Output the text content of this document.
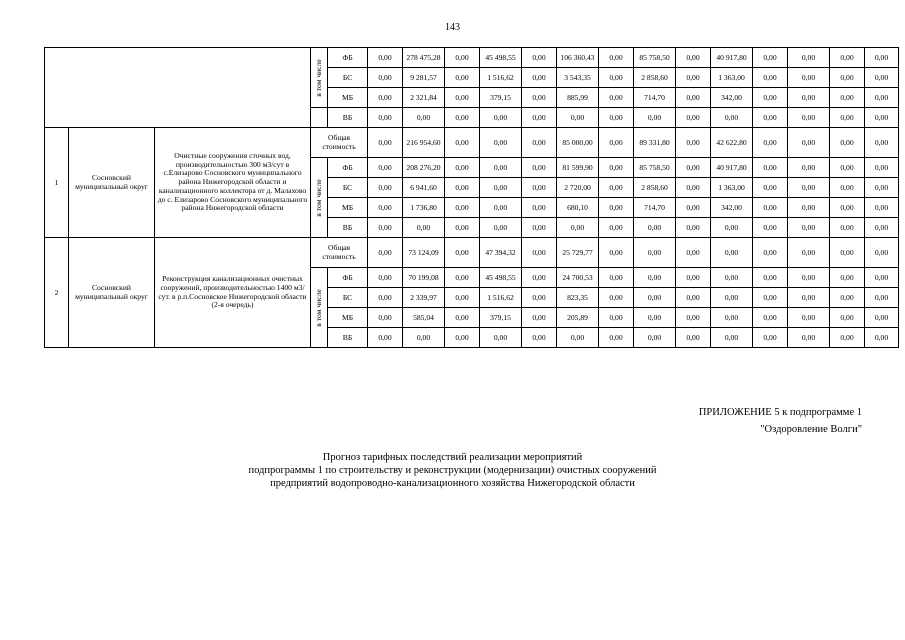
143

			в том числе	ФБ	0,00	278 475,28	0,00	45 498,55	0,00	106 360,43	0,00	85 758,50	0,00	40 917,80	0,00	0,00	0,00	0,00
				БС	0,00	9 281,57	0,00	1 516,62	0,00	3 543,35	0,00	2 858,60	0,00	1 363,00	0,00	0,00	0,00	0,00
				МБ	0,00	2 321,84	0,00	379,15	0,00	885,99	0,00	714,70	0,00	342,00	0,00	0,00	0,00	0,00
				ВБ	0,00	0,00	0,00	0,00	0,00	0,00	0,00	0,00	0,00	0,00	0,00	0,00	0,00	0,00
1	Сосновский муниципальный округ	Очистные сооружения сточных вод, производительностью 300 м3/сут в с.Елизарово Сосновского муниципального района Нижегородской области и канализационного коллектора от д. Малахово до с. Елизарово Сосновского муниципального района Нижегородской области	Общая стоимость		0,00	216 954,60	0,00	0,00	0,00	85 000,00	0,00	89 331,80	0,00	42 622,80	0,00	0,00	0,00	0,00

			в том числе	ФБ	0,00	208 276,20	0,00	0,00	0,00	81 599,90	0,00	85 758,50	0,00	40 917,80	0,00	0,00	0,00	0,00
				БС	0,00	6 941,60	0,00	0,00	0,00	2 720,00	0,00	2 858,60	0,00	1 363,00	0,00	0,00	0,00	0,00
				МБ	0,00	1 736,80	0,00	0,00	0,00	680,10	0,00	714,70	0,00	342,00	0,00	0,00	0,00	0,00
				ВБ	0,00	0,00	0,00	0,00	0,00	0,00	0,00	0,00	0,00	0,00	0,00	0,00	0,00	0,00
2	Сосновский муниципальный округ	Реконструкция канализационных очистных сооружений, производительностью 1400 м3/сут. в р.п.Сосновское Нижегородской области (2-я очередь)	Общая стоимость		0,00	73 124,09	0,00	47 394,32	0,00	25 729,77	0,00	0,00	0,00	0,00	0,00	0,00	0,00	0,00

			в том числе	ФБ	0,00	70 199,08	0,00	45 498,55	0,00	24 700,53	0,00	0,00	0,00	0,00	0,00	0,00	0,00	0,00
				БС	0,00	2 339,97	0,00	1 516,62	0,00	823,35	0,00	0,00	0,00	0,00	0,00	0,00	0,00	0,00
				МБ	0,00	585,04	0,00	379,15	0,00	205,89	0,00	0,00	0,00	0,00	0,00	0,00	0,00	0,00
				ВБ	0,00	0,00	0,00	0,00	0,00	0,00	0,00	0,00	0,00	0,00	0,00	0,00	0,00	0,00
ПРИЛОЖЕНИЕ 5 к подпрограмме 1
"Оздоровление Волги"
Прогноз тарифных последствий реализации мероприятий
подпрограммы 1 по строительству и реконструкции (модернизации) очистных сооружений
предприятий водопроводно-канализационного хозяйства Нижегородской области
